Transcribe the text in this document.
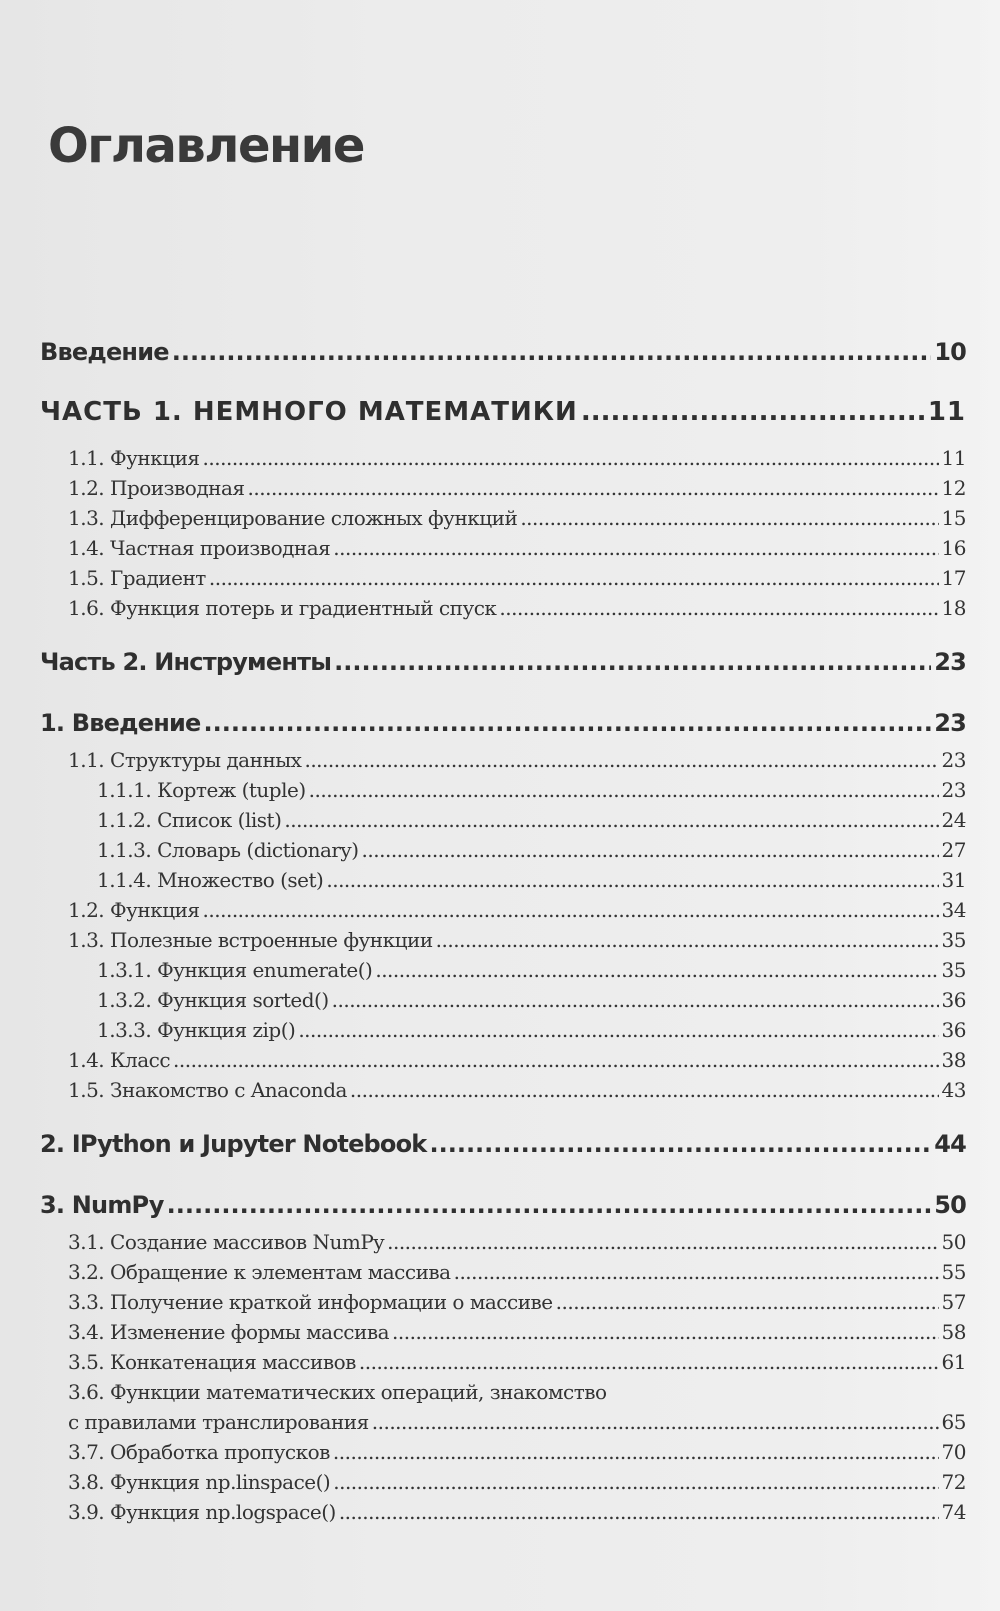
Оглавление
Введение .....	10
ЧАСТЬ 1. НЕМНОГО МАТЕМАТИКИ .....	11
1.1. Функция .....	11
1.2. Производная .....	12
1.3. Дифференцирование сложных функций .....	15
1.4. Частная производная .....	16
1.5. Градиент .....	17
1.6. Функция потерь и градиентный спуск .....	18
Часть 2. Инструменты .....	23
1. Введение .....	23
1.1. Структуры данных .....	23
1.1.1. Кортеж (tuple) .....	23
1.1.2. Список (list) .....	24
1.1.3. Словарь (dictionary) .....	27
1.1.4. Множество (set) .....	31
1.2. Функция .....	34
1.3. Полезные встроенные функции .....	35
1.3.1. Функция enumerate() .....	35
1.3.2. Функция sorted() .....	36
1.3.3. Функция zip() .....	36
1.4. Класс .....	38
1.5. Знакомство с Anaconda .....	43
2. IPython и Jupyter Notebook .....	44
3. NumPy .....	50
3.1. Создание массивов NumPy .....	50
3.2. Обращение к элементам массива .....	55
3.3. Получение краткой информации о массиве .....	57
3.4. Изменение формы массива .....	58
3.5. Конкатенация массивов .....	61
3.6. Функции математических операций, знакомство
с правилами транслирования .....	65
3.7. Обработка пропусков .....	70
3.8. Функция np.linspace() .....	72
3.9. Функция np.logspace() .....	74
